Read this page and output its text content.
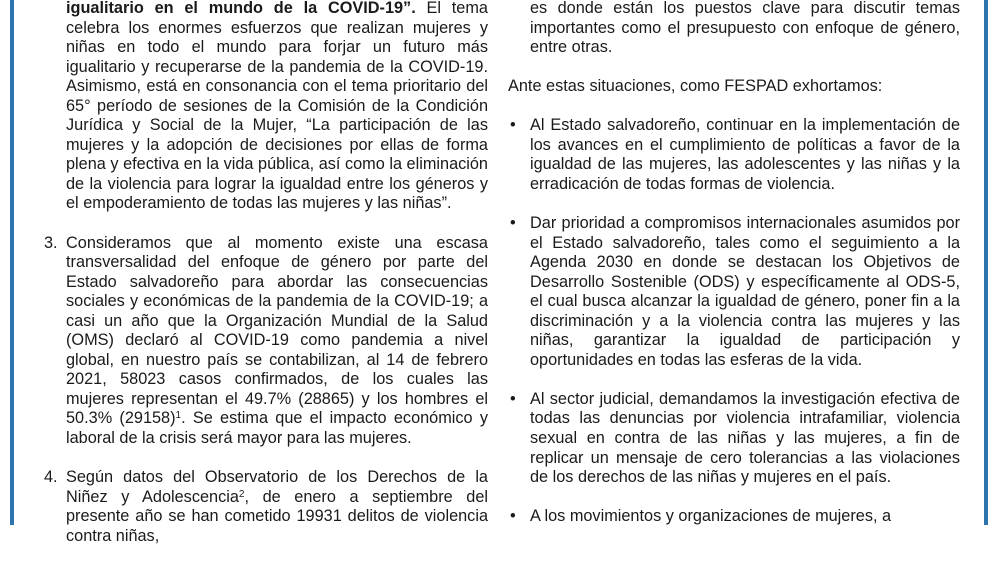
igualitario en el mundo de la COVID-19”. El tema celebra los enormes esfuerzos que realizan mujeres y niñas en todo el mundo para forjar un futuro más igualitario y recuperarse de la pandemia de la COVID-19. Asimismo, está en consonancia con el tema prioritario del 65° período de sesiones de la Comisión de la Condición Jurídica y Social de la Mujer, “La participación de las mujeres y la adopción de decisiones por ellas de forma plena y efectiva en la vida pública, así como la eliminación de la violencia para lograr la igualdad entre los géneros y el empoderamiento de todas las mujeres y las niñas”.

3. Consideramos que al momento existe una escasa transversalidad del enfoque de género por parte del Estado salvadoreño para abordar las consecuencias sociales y económicas de la pandemia de la COVID-19; a casi un año que la Organización Mundial de la Salud (OMS) declaró al COVID-19 como pandemia a nivel global, en nuestro país se contabilizan, al 14 de febrero 2021, 58023 casos confirmados, de los cuales las mujeres representan el 49.7% (28865) y los hombres el 50.3% $(29158)^1$. Se estima que el impacto económico y laboral de la crisis será mayor para las mujeres.

4. Según datos del Observatorio de los Derechos de la Niñez y Adolescencia$^2$, de enero a septiembre del presente año se han cometido 19931 delitos de violencia contra niñas,

es donde están los puestos clave para discutir temas importantes como el presupuesto con enfoque de género, entre otras.

Ante estas situaciones, como FESPAD exhortamos:

• Al Estado salvadoreño, continuar en la implementación de los avances en el cumplimiento de políticas a favor de la igualdad de las mujeres, las adolescentes y las niñas y la erradicación de todas formas de violencia.

• Dar prioridad a compromisos internacionales asumidos por el Estado salvadoreño, tales como el seguimiento a la Agenda 2030 en donde se destacan los Objetivos de Desarrollo Sostenible (ODS) y específicamente al ODS-5, el cual busca alcanzar la igualdad de género, poner fin a la discriminación y a la violencia contra las mujeres y las niñas, garantizar la igualdad de participación y oportunidades en todas las esferas de la vida.

• Al sector judicial, demandamos la investigación efectiva de todas las denuncias por violencia intrafamiliar, violencia sexual en contra de las niñas y las mujeres, a fin de replicar un mensaje de cero tolerancias a las violaciones de los derechos de las niñas y mujeres en el país.

• A los movimientos y organizaciones de mujeres, a
